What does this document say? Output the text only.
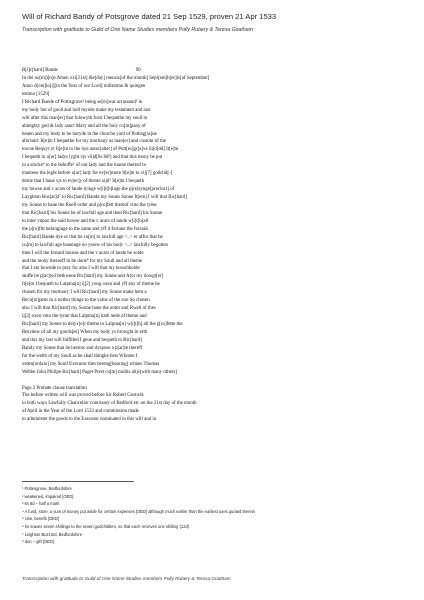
Will of Richard Bandy of Potsgrove dated 21 Sep 1529, proven 21 Apr 1533
Transcription with gratitude to Guild of One Name Studies members Polly Rubery & Teresa Goatham
R[i]c[hard] Bande	90
In dei no[m]i[n]e Amen xxi[21st] die[day] mensis[of the month] Sept[em]b[er]is[of September]
Anno d[om]in[i][in the Year of our Lord] millesimo & quingen
tesimo [1529]
I Richard Bande of Pottisgrave¹ being se[m]wat acrassend² in
my body but of good and holl mynde make my testament and last
will after this man[er] that folowyth furst I bequethe my soull to
almeghty god & lady sanct Mary and all the holy co[m]pany of
heuen and my body to be buryde in the churche yard of Pottisg[ra]ue
aforsaid: It[e]m I bequethe for my mortuary as man[er] and custom of the
towne Requyr yt It[e]m to the hye autor[alter] of Pott[es]gr[a]ve iiijd[4d] It[e]m
I bequeth to o[ur] ladys lyght vjs viijd[6s 8d³] and that this mony be put
in a stocke⁴ to the behoffe⁵ of our lady and the masse thereof to
mantene the leght before o[ur] lady for ev[er]more It[e]m to vij[7] godchil[-]
derne that I haue vjs to ev[er]y of theme xijd⁶ It[e]m I bequeth
my howse and v acars of lande lyinge w[i]t[h]inge the p[re]synge[precinct] of
Layghton Bus[ar]d⁷ to Ric[hard] Bande my Sones Sonne It[em] I will that Ric[hard]
my Sonne to haue the Ruell order and p[ro]fett thereof vnto the tyme
that Ric[hard] his Sonne be of lawfull age and then Ric[hard] his Sonne
to inter vnpon the said howse and the v acars of lande w[i]t[h]all
the p[ro]fitt belonginge to the same and yff it fortune the forsaid
Ric[hard] Bande dye or that he cu[m] to lawfull age <..> er affur that he
cu[m] to lawfull age haueinge no yssew of his body <..> lawfully begotten
then I will the forsaid housse and the v acars of lande be solde
and the mony thereoff to be done⁸ for my Soull and all theme
that I am bownde to pray for also I will that my howshholde
stuffe be p[ar]tyd bethwene Ric[hard] my Sonne and Alys my dowgt[er]
It[e]m I bequeth to Lalpma[n] ij[2] yong oxen and yff any of theme be
chosen for my mortuary I will Ric[hard] my Sonne make hem a
Recu[m]pens in a nother thinge to the value of the oxe So chosen
also I will that Ric[hard] my Sonne haue the order and Rwell of thes
ij[2] oxen vnto the tyme that Lalpma[n] hath nede of theme and
Ric[hard] my Sonne to delyv[e]r theme to Lalpma[n] w[i]t[h] all the p[ro]fette the
Resydew of all my goods[es] When my body ys browght in erth
and this my last will fulfilled I geue and bequeth to Ric[hard]
Bandy my Sonne that he bestow and dyspose a p[ar]te thereff
for the welth of my Soull as he shall thingke best Whome I
orden[ordain] my Soull Executor thes bereng[bearing] witnes Thomas
Webbe John Philipe Ric[hard] Paget Prest cu[m] multis alijs[with many others]
Page 2 Probate clause translation
The before written will was proved before Sir Robert Gostwik
in both ways Lawfully Chancellor comissary of Bedford etc on the 21st day of the month
of April in the Year of the Lord 1533 and commission made
to administer the goods to the Executor nominated in this will and in
¹ Pottesgrove, Bedfordshire
² weakened, impaired [OED]
³ 6s 8d – half a mark
⁴ A fund, store, a sum of money put aside for certain expenses [OED] although much earlier than the earliest uses quoted therein
⁵ Use, benefit [OED]
⁶ he leaves seven shillings to the seven godchildren, so that each receives one shilling (12d)
⁷ Leighton Buzzard, Bedfordshire
⁸ don – gift [OED]
Transcription with gratitude to Guild of One Name Studies members Polly Rubery & Teresa Goatham
